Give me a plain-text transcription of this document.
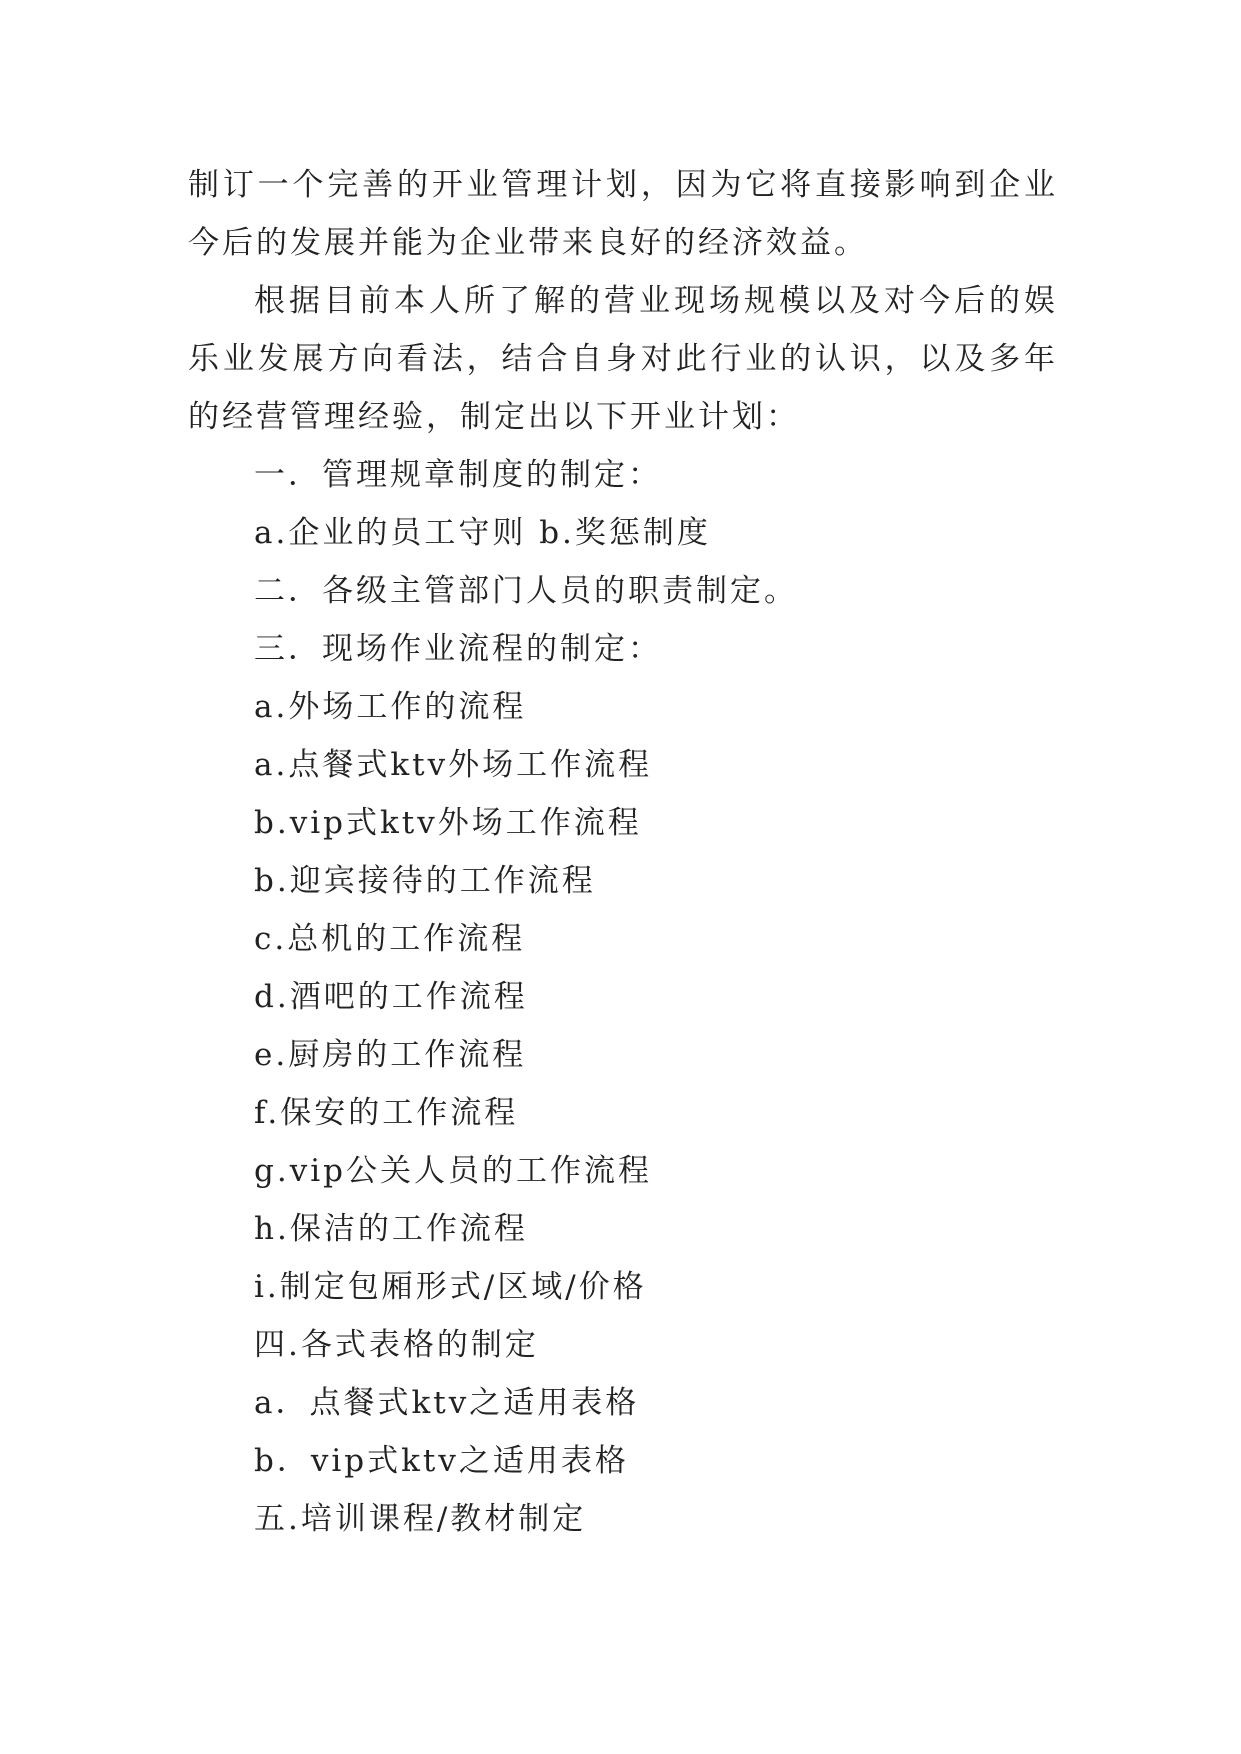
制订一个完善的开业管理计划，因为它将直接影响到企业今后的发展并能为企业带来良好的经济效益。

根据目前本人所了解的营业现场规模以及对今后的娱乐业发展方向看法，结合自身对此行业的认识，以及多年的经营管理经验，制定出以下开业计划：

一．管理规章制度的制定：

a.企业的员工守则 b.奖惩制度

二．各级主管部门人员的职责制定。

三．现场作业流程的制定：

a.外场工作的流程

a.点餐式ktv外场工作流程

b.vip式ktv外场工作流程

b.迎宾接待的工作流程

c.总机的工作流程

d.酒吧的工作流程

e.厨房的工作流程

f.保安的工作流程

g.vip公关人员的工作流程

h.保洁的工作流程

i.制定包厢形式/区域/价格

四.各式表格的制定

a．点餐式ktv之适用表格

b．vip式ktv之适用表格

五.培训课程/教材制定
